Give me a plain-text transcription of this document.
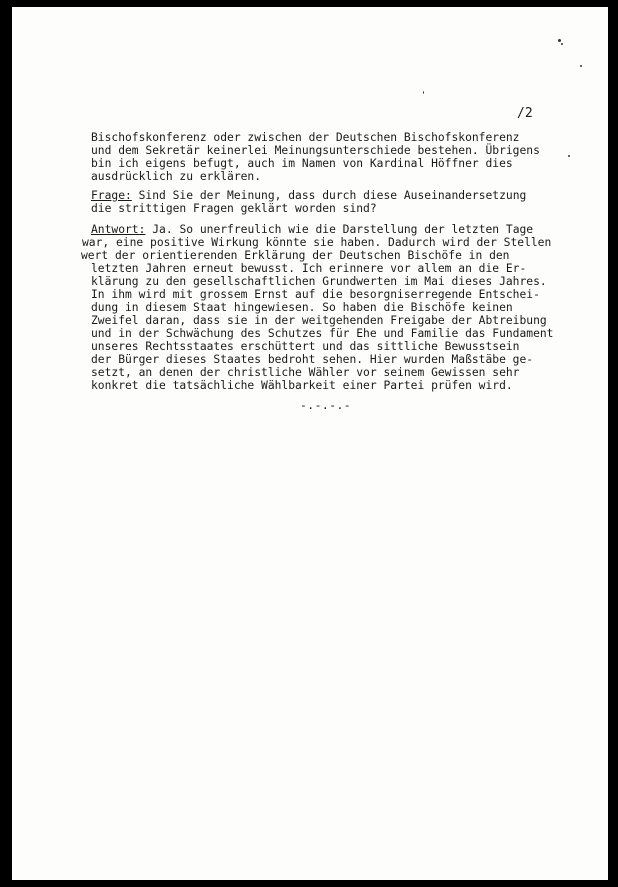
/2
Bischofskonferenz oder zwischen der Deutschen Bischofskonferenz
und dem Sekretär keinerlei Meinungsunterschiede bestehen. Übrigens
bin ich eigens befugt, auch im Namen von Kardinal Höffner dies
ausdrücklich zu erklären.
Frage: Sind Sie der Meinung, dass durch diese Auseinandersetzung
die strittigen Fragen geklärt worden sind?
Antwort: Ja. So unerfreulich wie die Darstellung der letzten Tage
war, eine positive Wirkung könnte sie haben. Dadurch wird der Stellen
wert der orientierenden Erklärung der Deutschen Bischöfe in den
letzten Jahren erneut bewusst. Ich erinnere vor allem an die Er-
klärung zu den gesellschaftlichen Grundwerten im Mai dieses Jahres.
In ihm wird mit grossem Ernst auf die besorgniserregende Entschei-
dung in diesem Staat hingewiesen. So haben die Bischöfe keinen
Zweifel daran, dass sie in der weitgehenden Freigabe der Abtreibung
und in der Schwächung des Schutzes für Ehe und Familie das Fundament
unseres Rechtsstaates erschüttert und das sittliche Bewusstsein
der Bürger dieses Staates bedroht sehen. Hier wurden Maßstäbe ge-
setzt, an denen der christliche Wähler vor seinem Gewissen sehr
konkret die tatsächliche Wählbarkeit einer Partei prüfen wird.
-.-.-.-
